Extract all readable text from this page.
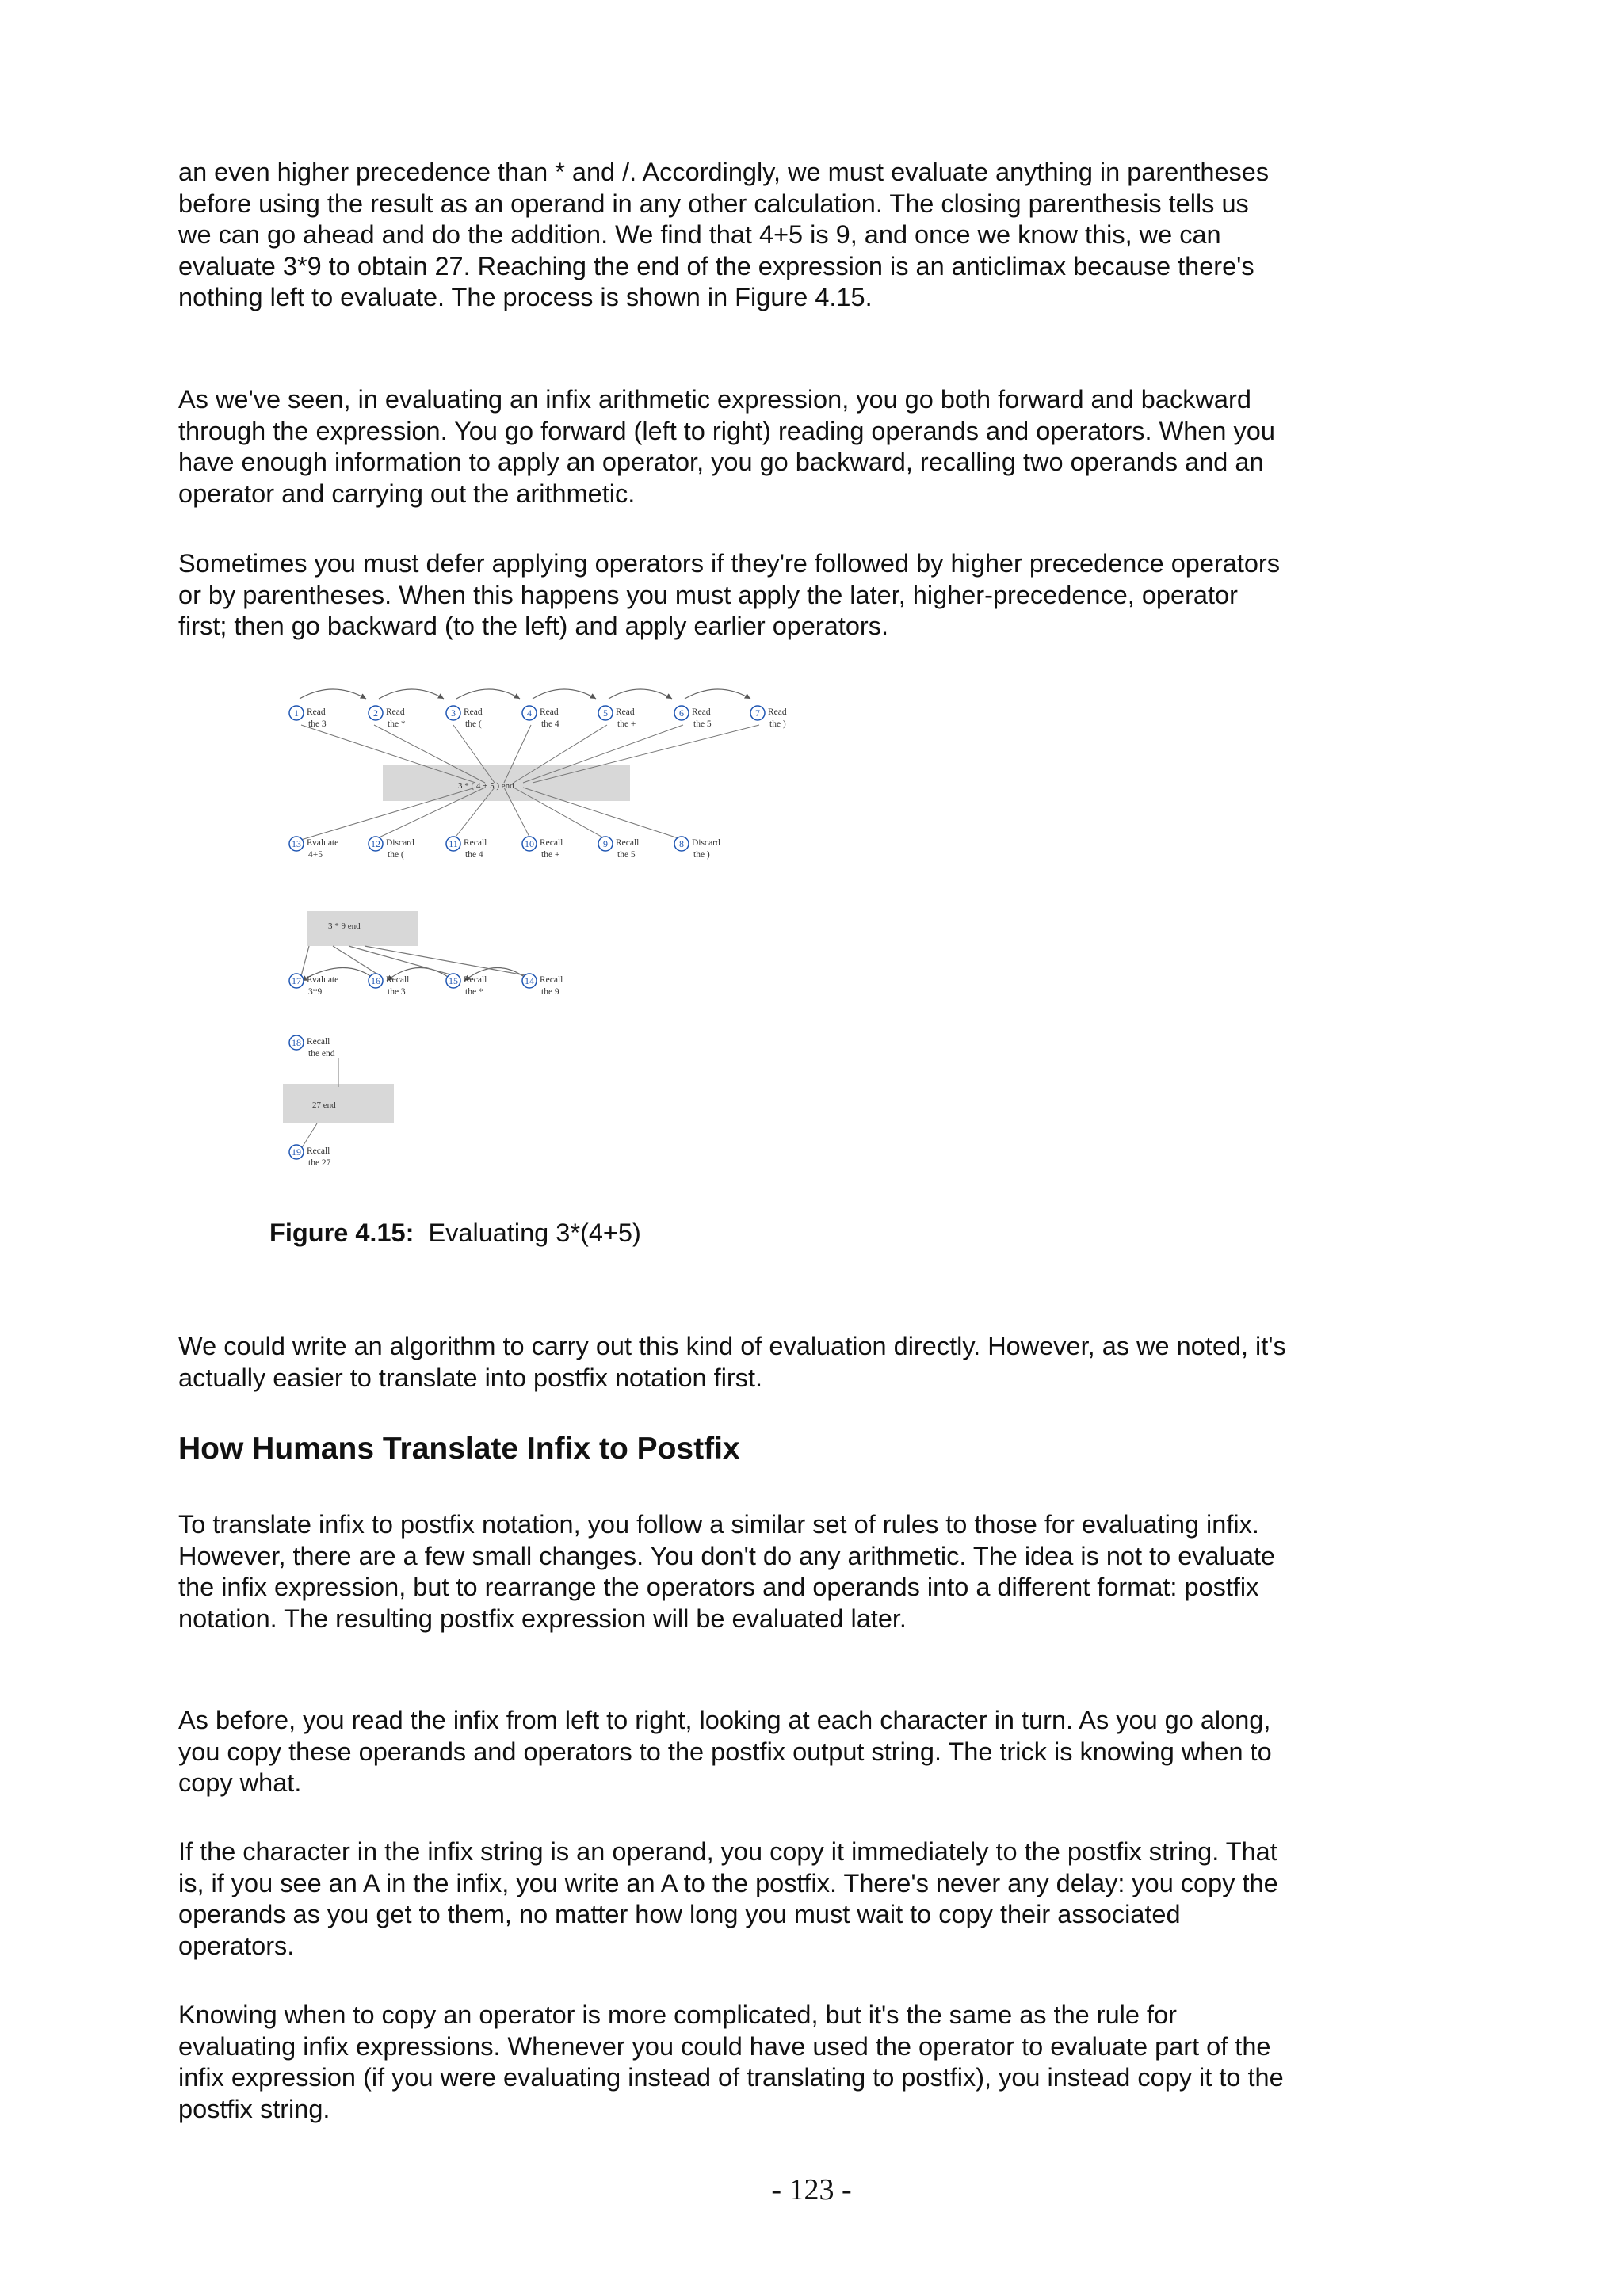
an even higher precedence than * and /. Accordingly, we must evaluate anything in parentheses before using the result as an operand in any other calculation. The closing parenthesis tells us we can go ahead and do the addition. We find that 4+5 is 9, and once we know this, we can evaluate 3*9 to obtain 27. Reaching the end of the expression is an anticlimax because there's nothing left to evaluate. The process is shown in Figure 4.15.

As we've seen, in evaluating an infix arithmetic expression, you go both forward and backward through the expression. You go forward (left to right) reading operands and operators. When you have enough information to apply an operator, you go backward, recalling two operands and an operator and carrying out the arithmetic.

Sometimes you must defer applying operators if they're followed by higher precedence operators or by parentheses. When this happens you must apply the later, higher-precedence, operator first; then go backward (to the left) and apply earlier operators.

3 * ( 4 + 5 ) end
3 * 9 end
27 end
1 Read
the 3
2 Read
the *
3 Read
the (
4 Read
the 4
5 Read
the +
6 Read
the 5
7 Read
the )
8 Discard
the )
9 Recall
the 5
10 Recall
the +
11 Recall
the 4
12 Discard
the (
13 Evaluate
4+5
14 Recall
the 9
15 Recall
the *
16 Recall
the 3
17 Evaluate
3*9
18 Recall
the end
19 Recall
the 27
Figure 4.15: Evaluating 3*(4+5)

We could write an algorithm to carry out this kind of evaluation directly. However, as we noted, it's actually easier to translate into postfix notation first.

How Humans Translate Infix to Postfix

To translate infix to postfix notation, you follow a similar set of rules to those for evaluating infix. However, there are a few small changes. You don't do any arithmetic. The idea is not to evaluate the infix expression, but to rearrange the operators and operands into a different format: postfix notation. The resulting postfix expression will be evaluated later.

As before, you read the infix from left to right, looking at each character in turn. As you go along, you copy these operands and operators to the postfix output string. The trick is knowing when to copy what.

If the character in the infix string is an operand, you copy it immediately to the postfix string. That is, if you see an A in the infix, you write an A to the postfix. There's never any delay: you copy the operands as you get to them, no matter how long you must wait to copy their associated operators.

Knowing when to copy an operator is more complicated, but it's the same as the rule for evaluating infix expressions. Whenever you could have used the operator to evaluate part of the infix expression (if you were evaluating instead of translating to postfix), you instead copy it to the postfix string.

- 123 -
